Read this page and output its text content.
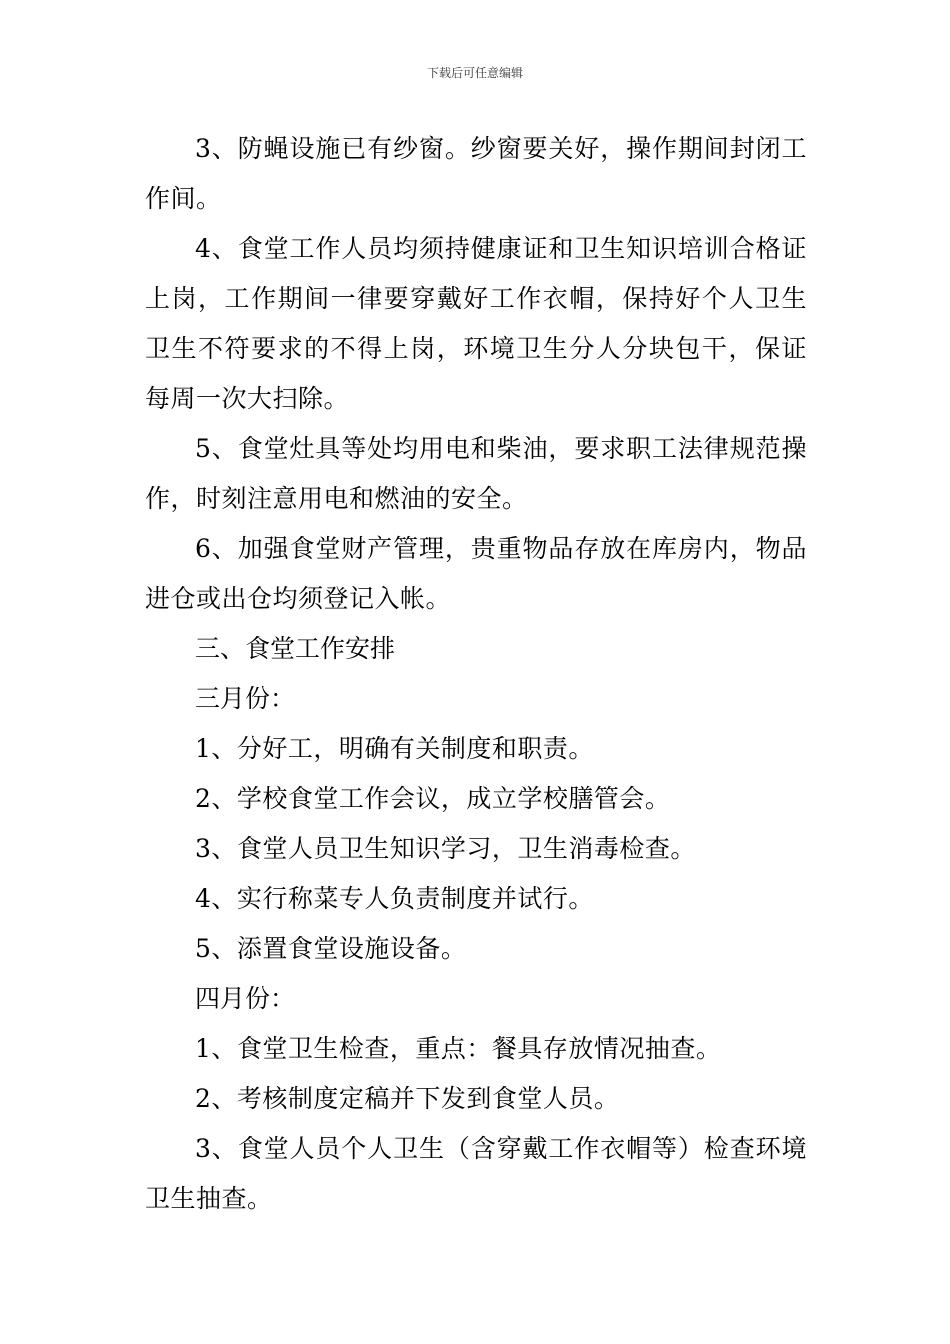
下载后可任意编辑

3、防蝇设施已有纱窗。纱窗要关好，操作期间封闭工作间。

4、食堂工作人员均须持健康证和卫生知识培训合格证上岗，工作期间一律要穿戴好工作衣帽，保持好个人卫生卫生不符要求的不得上岗，环境卫生分人分块包干，保证每周一次大扫除。

5、食堂灶具等处均用电和柴油，要求职工法律规范操作，时刻注意用电和燃油的安全。

6、加强食堂财产管理，贵重物品存放在库房内，物品进仓或出仓均须登记入帐。

三、食堂工作安排

三月份：

1、分好工，明确有关制度和职责。

2、学校食堂工作会议，成立学校膳管会。

3、食堂人员卫生知识学习，卫生消毒检查。

4、实行称菜专人负责制度并试行。

5、添置食堂设施设备。

四月份：

1、食堂卫生检查，重点：餐具存放情况抽查。

2、考核制度定稿并下发到食堂人员。

3、食堂人员个人卫生（含穿戴工作衣帽等）检查环境卫生抽查。
